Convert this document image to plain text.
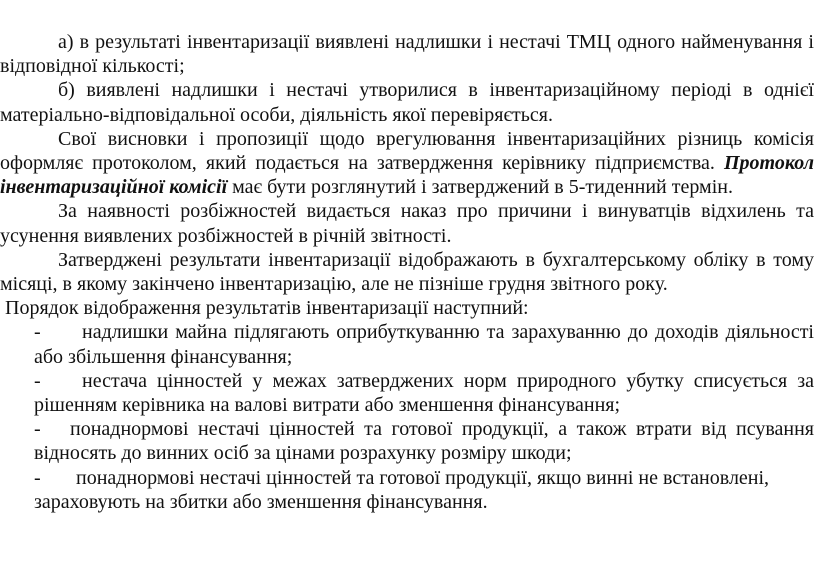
а) в результаті інвентаризації виявлені надлишки і нестачі ТМЦ одного найменування і відповідної кількості;

б) виявлені надлишки і нестачі утворилися в інвентаризаційному періоді в однієї матеріально-відповідальної особи, діяльність якої перевіряється.

Свої висновки і пропозиції щодо врегулювання інвентаризаційних різниць комісія оформляє протоколом, який подається на затвердження керівнику підприємства. Протокол інвентаризаційної комісії має бути розглянутий і затверджений в 5-тиденний термін.

За наявності розбіжностей видається наказ про причини і винуватців відхилень та усунення виявлених розбіжностей в річній звітності.

Затверджені результати інвентаризації відображають в бухгалтерському обліку в тому місяці, в якому закінчено інвентаризацію, але не пізніше грудня звітного року.

Порядок відображення результатів інвентаризації наступний:

- надлишки майна підлягають оприбуткуванню та зарахуванню до доходів діяльності або збільшення фінансування;

- нестача цінностей у межах затверджених норм природного убутку списується за рішенням керівника на валові витрати або зменшення фінансування;

- понаднормові нестачі цінностей та готової продукції, а також втрати від псування відносять до винних осіб за цінами розрахунку розміру шкоди;

- понаднормові нестачі цінностей та готової продукції, якщо винні не встановлені, зараховують на збитки або зменшення фінансування.
